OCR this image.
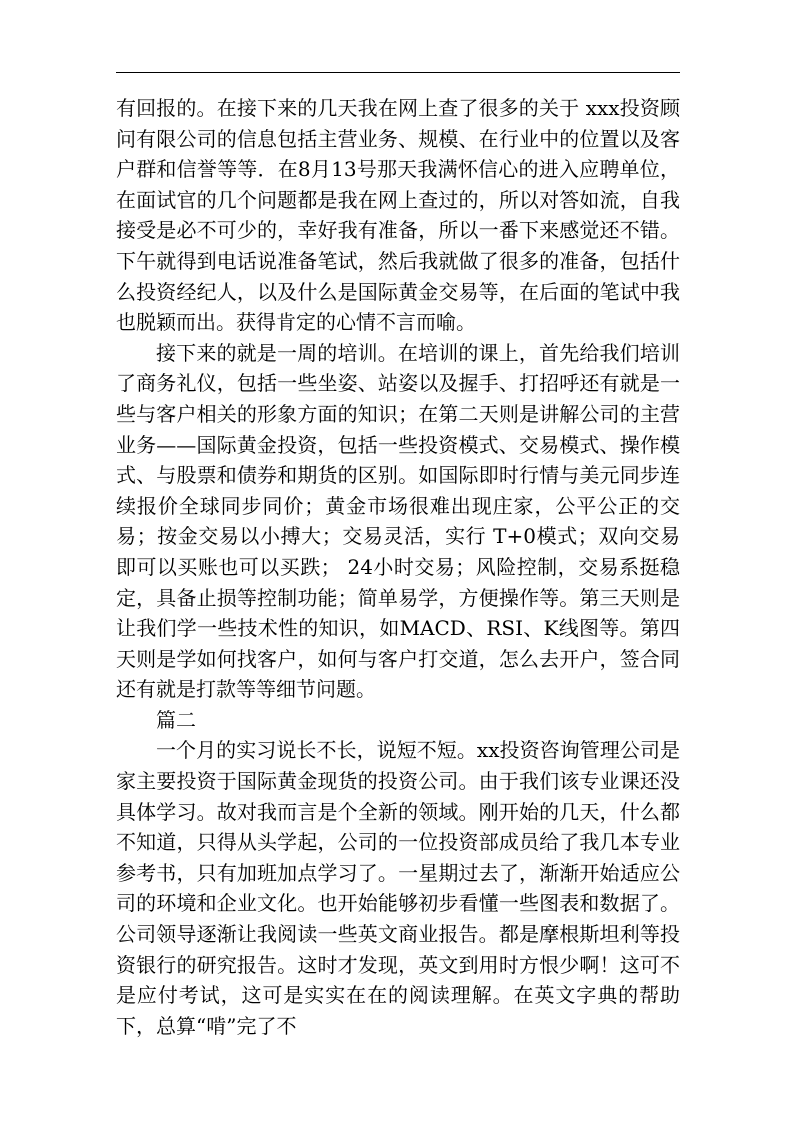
有回报的。在接下来的几天我在网上查了很多的关于 xxx投资顾问有限公司的信息包括主营业务、规模、在行业中的位置以及客户群和信誉等等．在8月13号那天我满怀信心的进入应聘单位，在面试官的几个问题都是我在网上查过的，所以对答如流，自我接受是必不可少的，幸好我有准备，所以一番下来感觉还不错。下午就得到电话说准备笔试，然后我就做了很多的准备，包括什么投资经纪人，以及什么是国际黄金交易等，在后面的笔试中我也脱颖而出。获得肯定的心情不言而喻。

接下来的就是一周的培训。在培训的课上，首先给我们培训了商务礼仪，包括一些坐姿、站姿以及握手、打招呼还有就是一些与客户相关的形象方面的知识；在第二天则是讲解公司的主营业务——国际黄金投资，包括一些投资模式、交易模式、操作模式、与股票和债券和期货的区别。如国际即时行情与美元同步连续报价全球同步同价；黄金市场很难出现庄家，公平公正的交易；按金交易以小搏大；交易灵活，实行 T+0模式；双向交易即可以买账也可以买跌； 24小时交易；风险控制，交易系挺稳定，具备止损等控制功能；简单易学，方便操作等。第三天则是让我们学一些技术性的知识，如MACD、RSI、K线图等。第四天则是学如何找客户，如何与客户打交道，怎么去开户，签合同还有就是打款等等细节问题。

篇二

一个月的实习说长不长，说短不短。xx投资咨询管理公司是家主要投资于国际黄金现货的投资公司。由于我们该专业课还没具体学习。故对我而言是个全新的领域。刚开始的几天，什么都不知道，只得从头学起，公司的一位投资部成员给了我几本专业参考书，只有加班加点学习了。一星期过去了，渐渐开始适应公司的环境和企业文化。也开始能够初步看懂一些图表和数据了。公司领导逐渐让我阅读一些英文商业报告。都是摩根斯坦利等投资银行的研究报告。这时才发现，英文到用时方恨少啊！这可不是应付考试，这可是实实在在的阅读理解。在英文字典的帮助下，总算“啃”完了不
